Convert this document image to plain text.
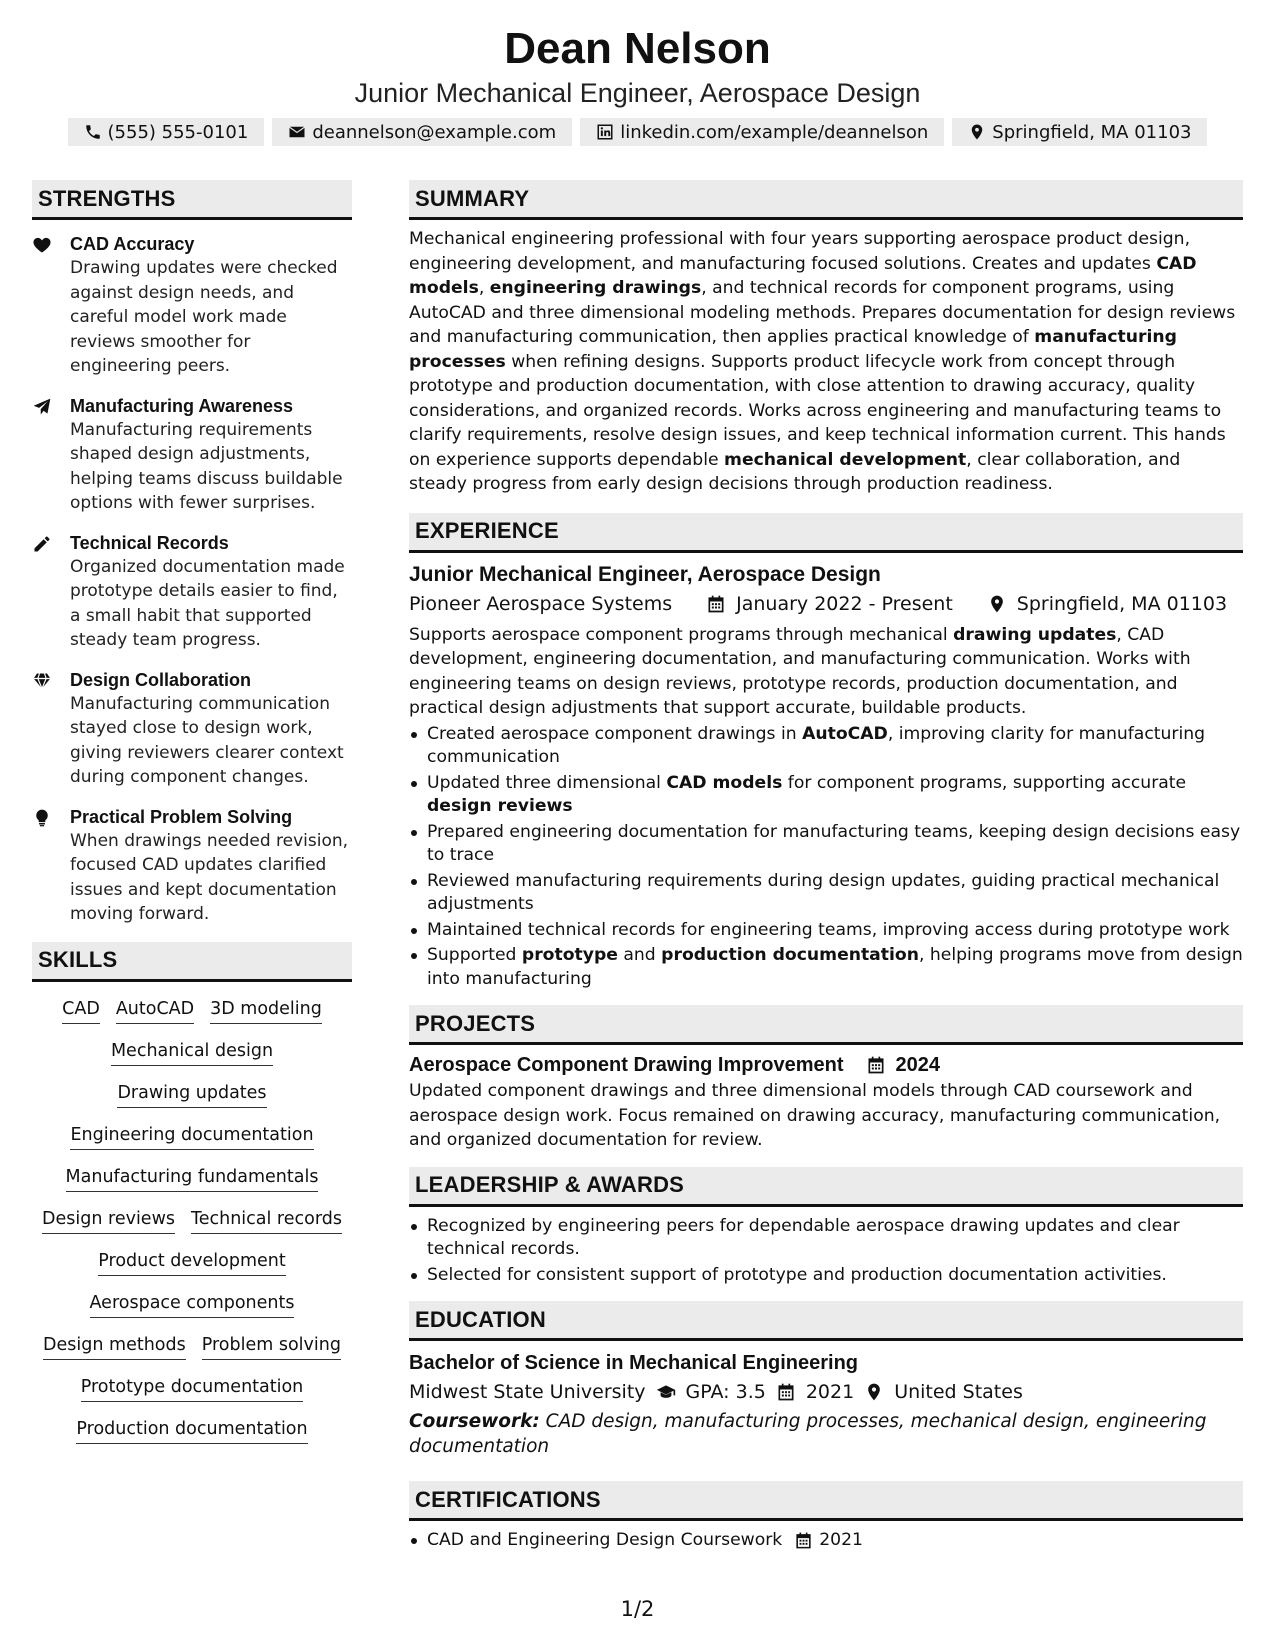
Dean Nelson
Junior Mechanical Engineer, Aerospace Design
(555) 555-0101	deannelson@example.com	linkedin.com/example/deannelson	Springfield, MA 01103
STRENGTHS
CAD Accuracy
Drawing updates were checked against design needs, and careful model work made reviews smoother for engineering peers.
Manufacturing Awareness
Manufacturing requirements shaped design adjustments, helping teams discuss buildable options with fewer surprises.
Technical Records
Organized documentation made prototype details easier to find, a small habit that supported steady team progress.
Design Collaboration
Manufacturing communication stayed close to design work, giving reviewers clearer context during component changes.
Practical Problem Solving
When drawings needed revision, focused CAD updates clarified issues and kept documentation moving forward.
SKILLS
CAD AutoCAD 3D modeling
Mechanical design
Drawing updates
Engineering documentation
Manufacturing fundamentals
Design reviews Technical records
Product development
Aerospace components
Design methods Problem solving
Prototype documentation
Production documentation
SUMMARY

Mechanical engineering professional with four years supporting aerospace product design, engineering development, and manufacturing focused solutions. Creates and updates CAD models, engineering drawings, and technical records for component programs, using AutoCAD and three dimensional modeling methods. Prepares documentation for design reviews and manufacturing communication, then applies practical knowledge of manufacturing processes when refining designs. Supports product lifecycle work from concept through prototype and production documentation, with close attention to drawing accuracy, quality considerations, and organized records. Works across engineering and manufacturing teams to clarify requirements, resolve design issues, and keep technical information current. This hands on experience supports dependable mechanical development, clear collaboration, and steady progress from early design decisions through production readiness.

EXPERIENCE
Junior Mechanical Engineer, Aerospace Design
Pioneer Aerospace Systems	January 2022 - Present	Springfield, MA 01103

Supports aerospace component programs through mechanical drawing updates, CAD development, engineering documentation, and manufacturing communication. Works with engineering teams on design reviews, prototype records, production documentation, and practical design adjustments that support accurate, buildable products.

Created aerospace component drawings in AutoCAD, improving clarity for manufacturing communication
Updated three dimensional CAD models for component programs, supporting accurate design reviews
Prepared engineering documentation for manufacturing teams, keeping design decisions easy to trace
Reviewed manufacturing requirements during design updates, guiding practical mechanical adjustments
Maintained technical records for engineering teams, improving access during prototype work
Supported prototype and production documentation, helping programs move from design into manufacturing
PROJECTS
Aerospace Component Drawing Improvement	2024

Updated component drawings and three dimensional models through CAD coursework and aerospace design work. Focus remained on drawing accuracy, manufacturing communication, and organized documentation for review.

LEADERSHIP & AWARDS
Recognized by engineering peers for dependable aerospace drawing updates and clear technical records.
Selected for consistent support of prototype and production documentation activities.
EDUCATION
Bachelor of Science in Mechanical Engineering
Midwest State University GPA: 3.5 2021 United States

Coursework: CAD design, manufacturing processes, mechanical design, engineering documentation

CERTIFICATIONS
CAD and Engineering Design Coursework 2021
1/2
